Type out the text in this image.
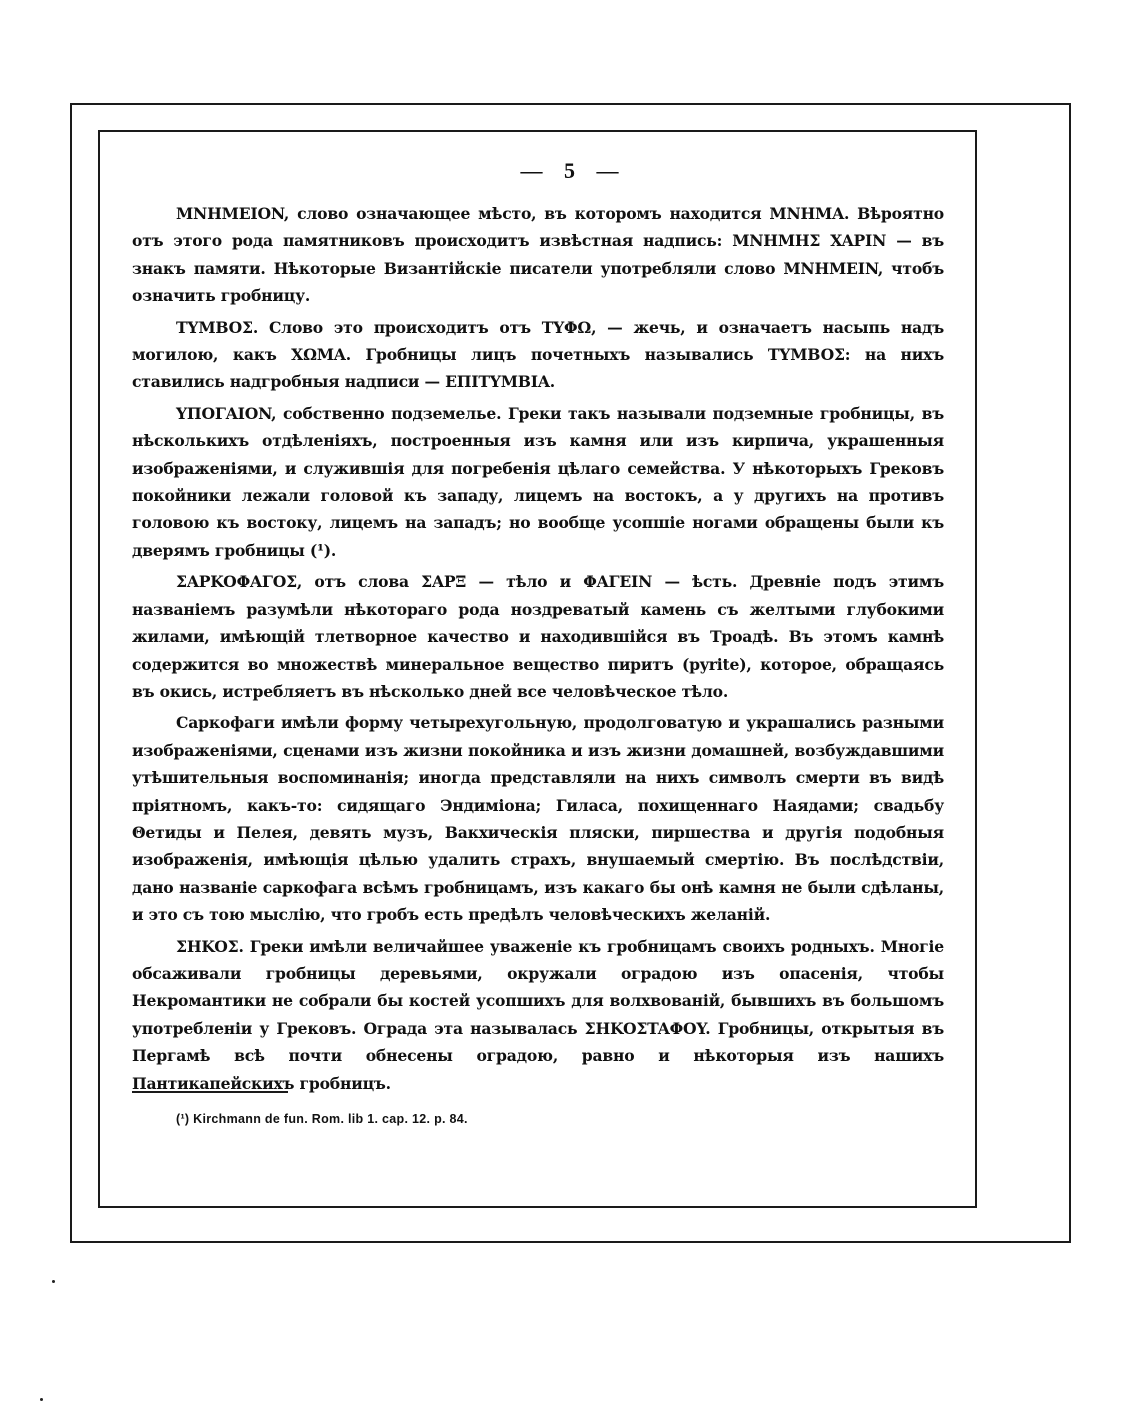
— 5 —

MNHMEION, слово означающее мѣсто, въ которомъ находится MNHMA. Вѣроятно отъ этого рода памятниковъ происходитъ извѣстная надпись: MNHMHΣ XAPIN — въ знакъ памяти. Нѣкоторые Византійскіе писатели употребляли слово MNHMEIN, чтобъ означить гробницу.

TYMBOΣ. Слово это происходитъ отъ TYΦΩ, — жечь, и означаетъ насыпь надъ могилою, какъ XΩMA. Гробницы лицъ почетныхъ назывались TYMBOΣ: на нихъ ставились надгробныя надписи — EΠITYMBIA.

YΠOΓAION, собственно подземелье. Греки такъ называли подземные гробницы, въ нѣсколькихъ отдѣленіяхъ, построенныя изъ камня или изъ кирпича, украшенныя изображеніями, и служившія для погребенія цѣлаго семейства. У нѣкоторыхъ Грековъ покойники лежали головой къ западу, лицемъ на востокъ, а у другихъ на противъ головою къ востоку, лицемъ на западъ; но вообще усопшіе ногами обращены были къ дверямъ гробницы (¹).

ΣAPKOΦAΓOΣ, отъ слова ΣAPΞ — тѣло и ΦAΓEIN — ѣсть. Древніе подъ этимъ названіемъ разумѣли нѣкотораго рода ноздреватый камень съ желтыми глубокими жилами, имѣющій тлетворное качество и находившійся въ Троадѣ. Въ этомъ камнѣ содержится во множествѣ минеральное вещество пиритъ (pyrite), которое, обращаясь въ окись, истребляетъ въ нѣсколько дней все человѣческое тѣло.

Саркофаги имѣли форму четырехугольную, продолговатую и украшались разными изображеніями, сценами изъ жизни покойника и изъ жизни домашней, возбуждавшими утѣшительныя воспоминанія; иногда представляли на нихъ символъ смерти въ видѣ пріятномъ, какъ-то: сидящаго Эндиміона; Гиласа, похищеннаго Наядами; свадьбу Θетиды и Пелея, девять музъ, Вакхическія пляски, пиршества и другія подобныя изображенія, имѣющія цѣлью удалить страхъ, внушаемый смертію. Въ послѣдствіи, дано названіе саркофага всѣмъ гробницамъ, изъ какаго бы онѣ камня не были сдѣланы, и это съ тою мыслію, что гробъ есть предѣлъ человѣческихъ желаній.

ΣHKOΣ. Греки имѣли величайшее уваженіе къ гробницамъ своихъ родныхъ. Многіе обсаживали гробницы деревьями, окружали оградою изъ опасенія, чтобы Некромантики не собрали бы костей усопшихъ для волхвованій, бывшихъ въ большомъ употребленіи у Грековъ. Ограда эта называлась ΣHKOΣTAΦOY. Гробницы, открытыя въ Пергамѣ всѣ почти обнесены оградою, равно и нѣкоторыя изъ нашихъ Пантикапейскихъ гробницъ.

(¹) Kirchmann de fun. Rom. lib 1. cap. 12. p. 84.
